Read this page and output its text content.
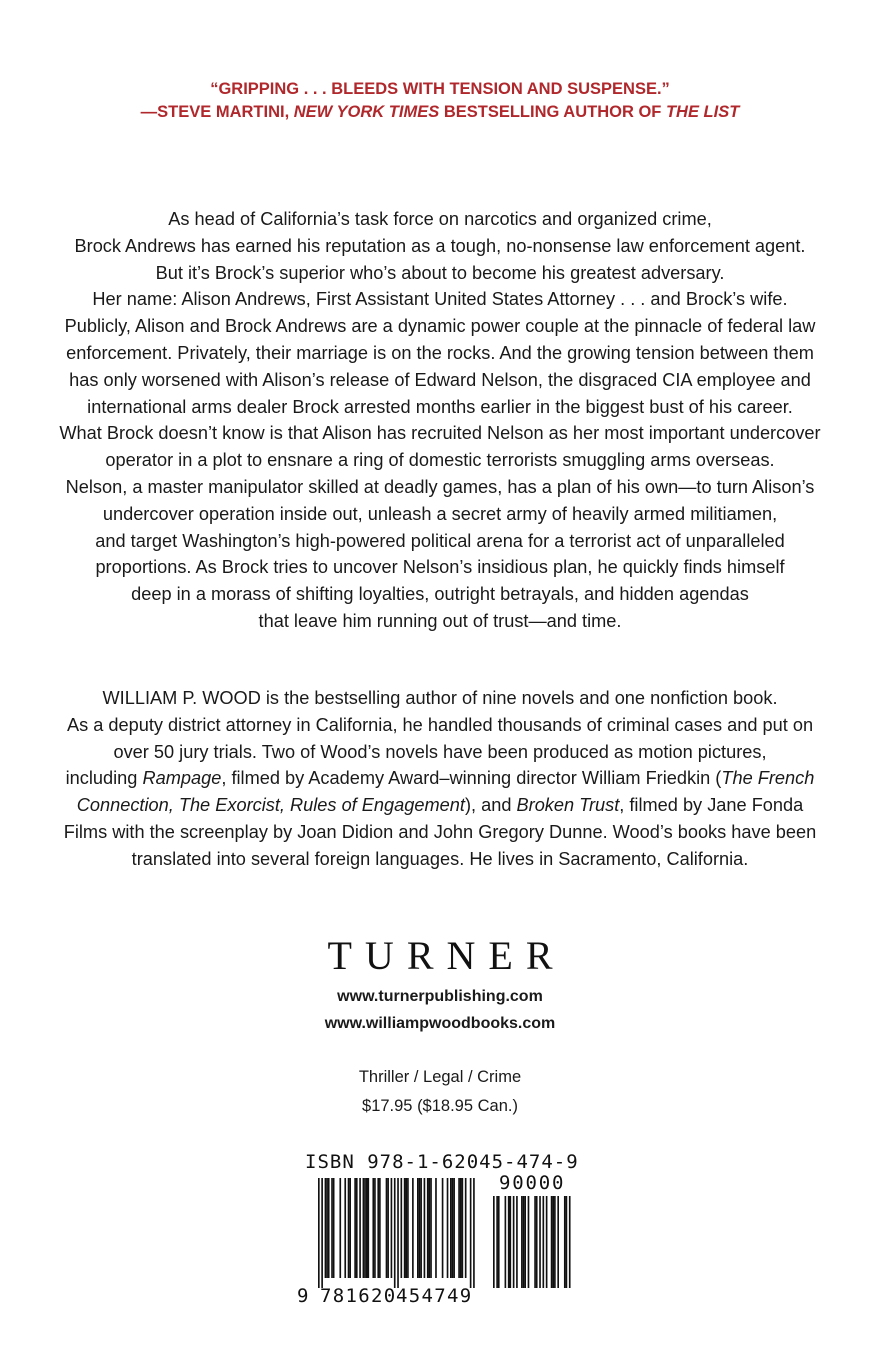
“GRIPPING . . . BLEEDS WITH TENSION AND SUSPENSE.”
—STEVE MARTINI, NEW YORK TIMES BESTSELLING AUTHOR OF THE LIST
As head of California’s task force on narcotics and organized crime,
Brock Andrews has earned his reputation as a tough, no-nonsense law enforcement agent.
But it’s Brock’s superior who’s about to become his greatest adversary.
Her name: Alison Andrews, First Assistant United States Attorney . . . and Brock’s wife.
Publicly, Alison and Brock Andrews are a dynamic power couple at the pinnacle of federal law
enforcement. Privately, their marriage is on the rocks. And the growing tension between them
has only worsened with Alison’s release of Edward Nelson, the disgraced CIA employee and
international arms dealer Brock arrested months earlier in the biggest bust of his career.
What Brock doesn’t know is that Alison has recruited Nelson as her most important undercover
operator in a plot to ensnare a ring of domestic terrorists smuggling arms overseas.
Nelson, a master manipulator skilled at deadly games, has a plan of his own—to turn Alison’s
undercover operation inside out, unleash a secret army of heavily armed militiamen,
and target Washington’s high-powered political arena for a terrorist act of unparalleled
proportions. As Brock tries to uncover Nelson’s insidious plan, he quickly finds himself
deep in a morass of shifting loyalties, outright betrayals, and hidden agendas
that leave him running out of trust—and time.
WILLIAM P. WOOD is the bestselling author of nine novels and one nonfiction book.
As a deputy district attorney in California, he handled thousands of criminal cases and put on
over 50 jury trials. Two of Wood’s novels have been produced as motion pictures,
including Rampage, filmed by Academy Award–winning director William Friedkin (The French
Connection, The Exorcist, Rules of Engagement), and Broken Trust, filmed by Jane Fonda
Films with the screenplay by Joan Didion and John Gregory Dunne. Wood’s books have been
translated into several foreign languages. He lives in Sacramento, California.
TURNER
www.turnerpublishing.com
www.williampwoodbooks.com
Thriller / Legal / Crime
$17.95 ($18.95 Can.)
ISBN 978-1-62045-474-9
90000
9 781620 454749
